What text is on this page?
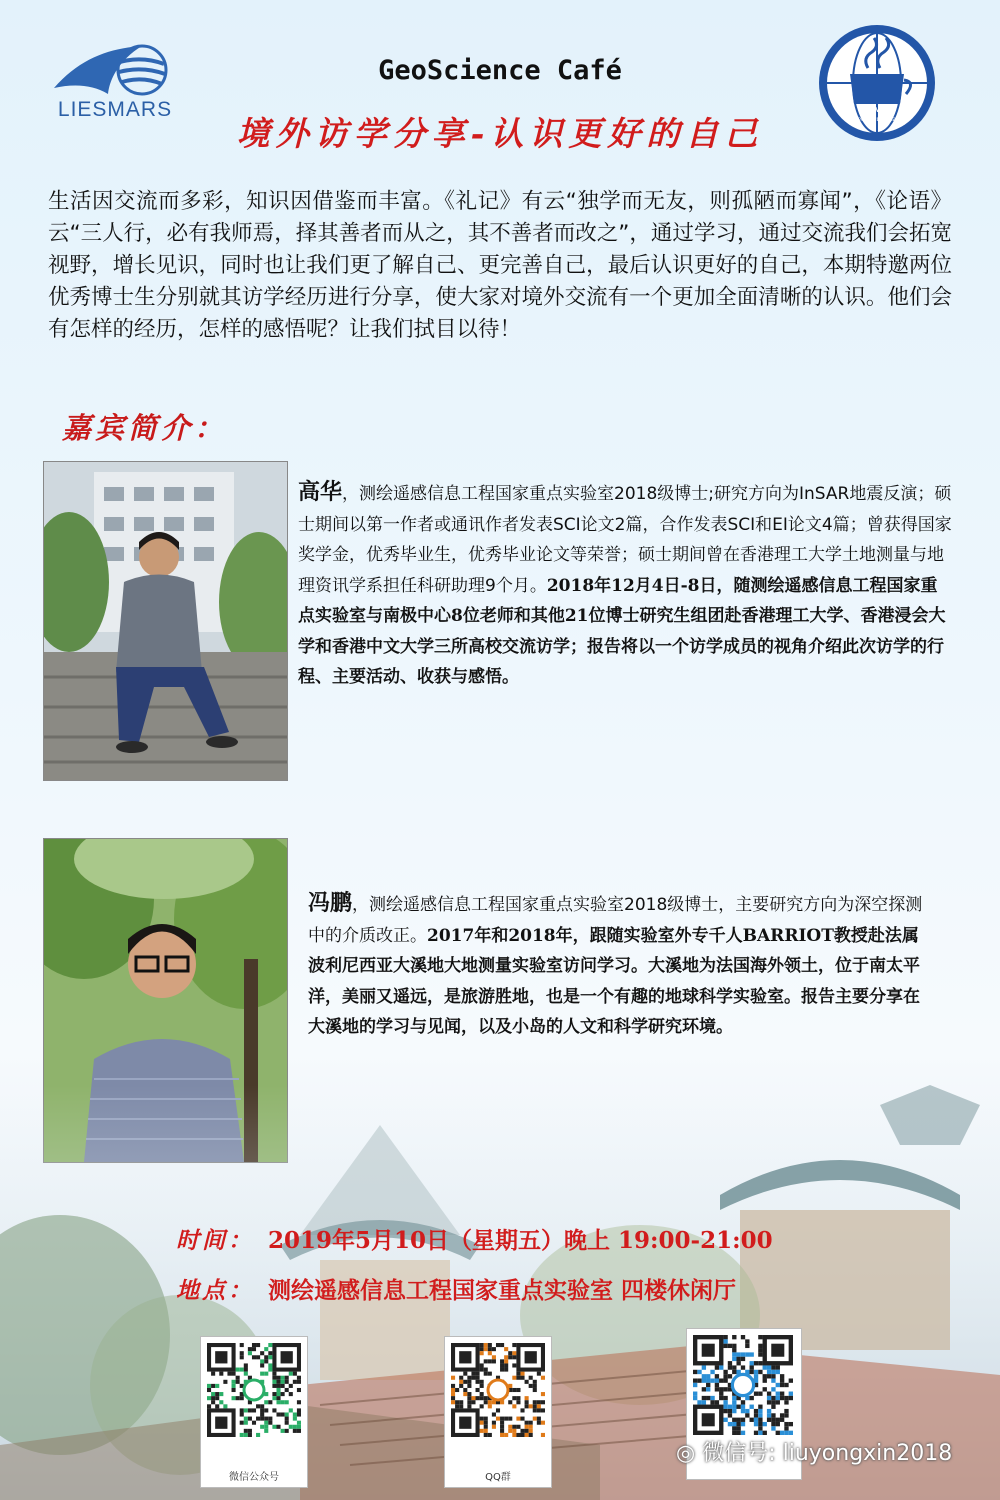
LIESMARS
GeoScience Café
境外访学分享-认识更好的自己
LIESMARS
GeoScience Café
生活因交流而多彩，知识因借鉴而丰富。《礼记》有云“独学而无友，则孤陋而寡闻”，《论语》云“三人行，必有我师焉，择其善者而从之，其不善者而改之”，通过学习，通过交流我们会拓宽视野，增长见识，同时也让我们更了解自己、更完善自己，最后认识更好的自己，本期特邀两位优秀博士生分别就其访学经历进行分享，使大家对境外交流有一个更加全面清晰的认识。他们会有怎样的经历，怎样的感悟呢？让我们拭目以待！
嘉宾简介：
高华，测绘遥感信息工程国家重点实验室2018级博士;研究方向为InSAR地震反演；硕士期间以第一作者或通讯作者发表SCI论文2篇，合作发表SCI和EI论文4篇；曾获得国家奖学金，优秀毕业生，优秀毕业论文等荣誉；硕士期间曾在香港理工大学土地测量与地理资讯学系担任科研助理9个月。2018年12月4日-8日，随测绘遥感信息工程国家重点实验室与南极中心8位老师和其他21位博士研究生组团赴香港理工大学、香港浸会大学和香港中文大学三所高校交流访学；报告将以一个访学成员的视角介绍此次访学的行程、主要活动、收获与感悟。
冯鹏，测绘遥感信息工程国家重点实验室2018级博士，主要研究方向为深空探测中的介质改正。2017年和2018年，跟随实验室外专千人BARRIOT教授赴法属波利尼西亚大溪地大地测量实验室访问学习。大溪地为法国海外领土，位于南太平洋，美丽又遥远，是旅游胜地，也是一个有趣的地球科学实验室。报告主要分享在大溪地的学习与见闻，以及小岛的人文和科学研究环境。
时间： 2019年5月10日（星期五）晚上 19:00-21:00
地点： 测绘遥感信息工程国家重点实验室 四楼休闲厅
微信公众号	QQ群
◎ 微信号: liuyongxin2018
